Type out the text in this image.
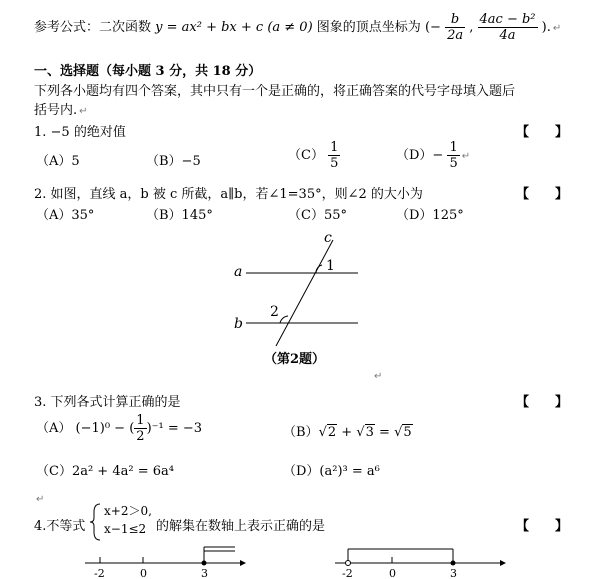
参考公式：二次函数 y = ax² + bx + c (a ≠ 0) 图象的顶点坐标为 (− $\frac{b}{2a}$ , $\frac{\text{4ac − b²}}{4a}$ ). ↵
一、选择题（每小题 3 分，共 18 分）
下列各小题均有四个答案，其中只有一个是正确的，将正确答案的代号字母填入题后
括号内. ↵
1. −5 的绝对值	【　　】
（A）5	（B）−5	$(C) \frac{1}{5}$	$(D)- \frac{1}{5}$ ↵
2. 如图，直线 a，b 被 c 所截，a∥b，若∠1=35°，则∠2 的大小为	【　　】
（A）35°	（B）145°	（C）55°	（D）125°
a
b
c
1
2
（第2题）
↵
3. 下列各式计算正确的是	【　　】
（A） (−1)⁰ − ( $\frac{1}{2} )^{-1} = -3$	（B）√2 + √3 = √5
（C）2a² + 4a² = 6a⁴	（D）(a²)³ = a⁶
↵
4.不等式
x+2＞0,
x−1≤2 的解集在数轴上表示正确的是	【　　】
-2	0	3	-2	0	3
